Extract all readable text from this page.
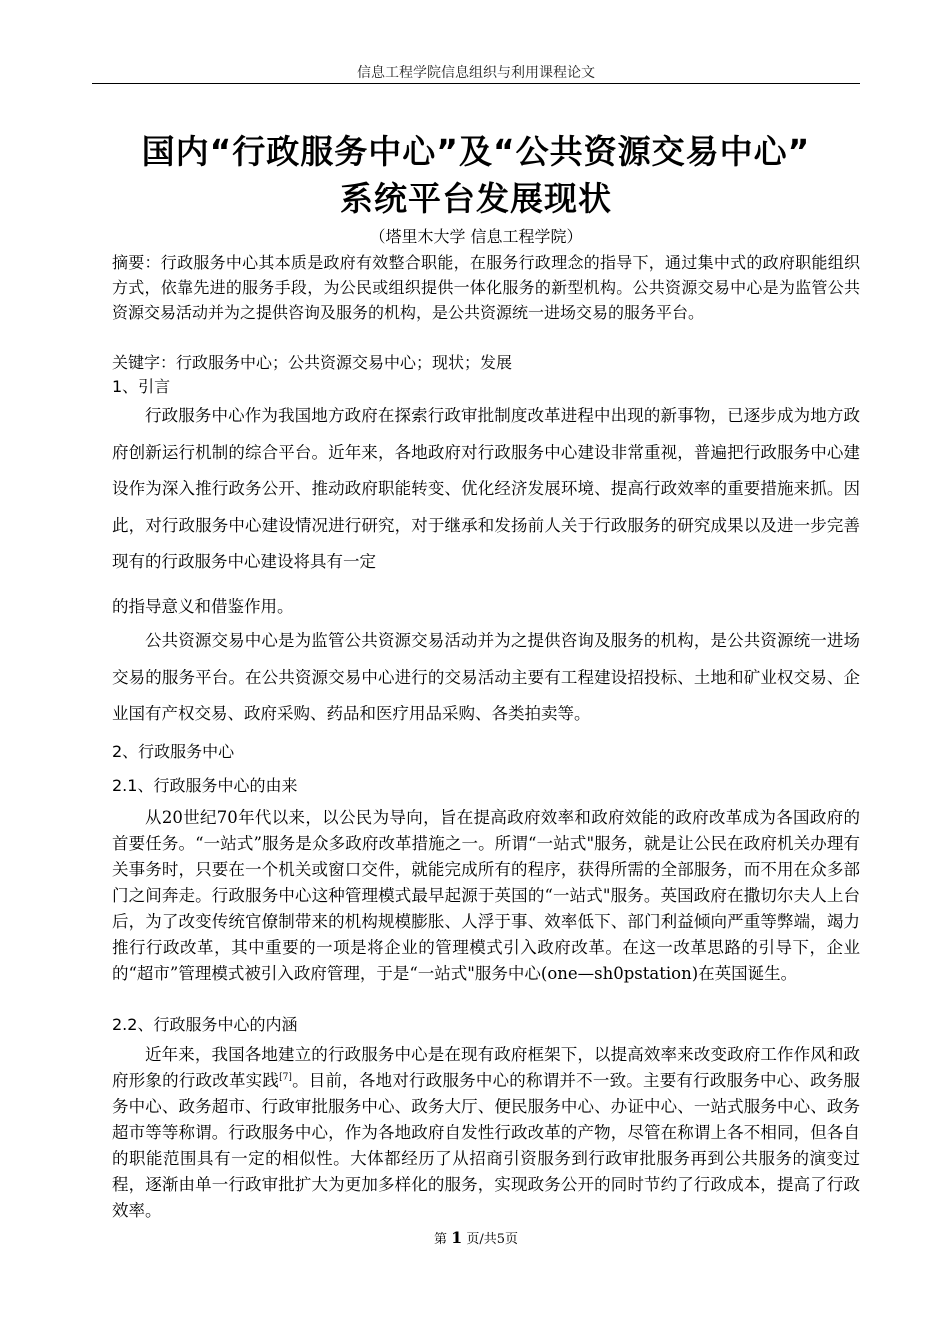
信息工程学院信息组织与利用课程论文
国内“行政服务中心”及“公共资源交易中心”
系统平台发展现状
（塔里木大学 信息工程学院）
摘要：行政服务中心其本质是政府有效整合职能，在服务行政理念的指导下，通过集中式的政府职能组织方式，依靠先进的服务手段，为公民或组织提供一体化服务的新型机构。公共资源交易中心是为监管公共资源交易活动并为之提供咨询及服务的机构，是公共资源统一进场交易的服务平台。
关键字：行政服务中心；公共资源交易中心；现状；发展
1、引言
行政服务中心作为我国地方政府在探索行政审批制度改革进程中出现的新事物，已逐步成为地方政府创新运行机制的综合平台。近年来，各地政府对行政服务中心建设非常重视，普遍把行政服务中心建设作为深入推行政务公开、推动政府职能转变、优化经济发展环境、提高行政效率的重要措施来抓。因此，对行政服务中心建设情况进行研究，对于继承和发扬前人关于行政服务的研究成果以及进一步完善现有的行政服务中心建设将具有一定
的指导意义和借鉴作用。
公共资源交易中心是为监管公共资源交易活动并为之提供咨询及服务的机构，是公共资源统一进场交易的服务平台。在公共资源交易中心进行的交易活动主要有工程建设招投标、土地和矿业权交易、企业国有产权交易、政府采购、药品和医疗用品采购、各类拍卖等。
2、行政服务中心
2.1、行政服务中心的由来
从20世纪70年代以来，以公民为导向，旨在提高政府效率和政府效能的政府改革成为各国政府的首要任务。“一站式”服务是众多政府改革措施之一。所谓“一站式"服务，就是让公民在政府机关办理有关事务时，只要在一个机关或窗口交件，就能完成所有的程序，获得所需的全部服务，而不用在众多部门之间奔走。行政服务中心这种管理模式最早起源于英国的“一站式"服务。英国政府在撒切尔夫人上台后，为了改变传统官僚制带来的机构规模膨胀、人浮于事、效率低下、部门利益倾向严重等弊端，竭力推行行政改革，其中重要的一项是将企业的管理模式引入政府改革。在这一改革思路的引导下，企业的“超市”管理模式被引入政府管理，于是“一站式"服务中心(one—sh0pstation)在英国诞生。
2.2、行政服务中心的内涵
近年来，我国各地建立的行政服务中心是在现有政府框架下，以提高效率来改变政府工作作风和政府形象的行政改革实践[7]。目前，各地对行政服务中心的称谓并不一致。主要有行政服务中心、政务服务中心、政务超市、行政审批服务中心、政务大厅、便民服务中心、办证中心、一站式服务中心、政务超市等等称谓。行政服务中心，作为各地政府自发性行政改革的产物，尽管在称谓上各不相同，但各自的职能范围具有一定的相似性。大体都经历了从招商引资服务到行政审批服务再到公共服务的演变过程，逐渐由单一行政审批扩大为更加多样化的服务，实现政务公开的同时节约了行政成本，提高了行政效率。
第 1 页/共5页
